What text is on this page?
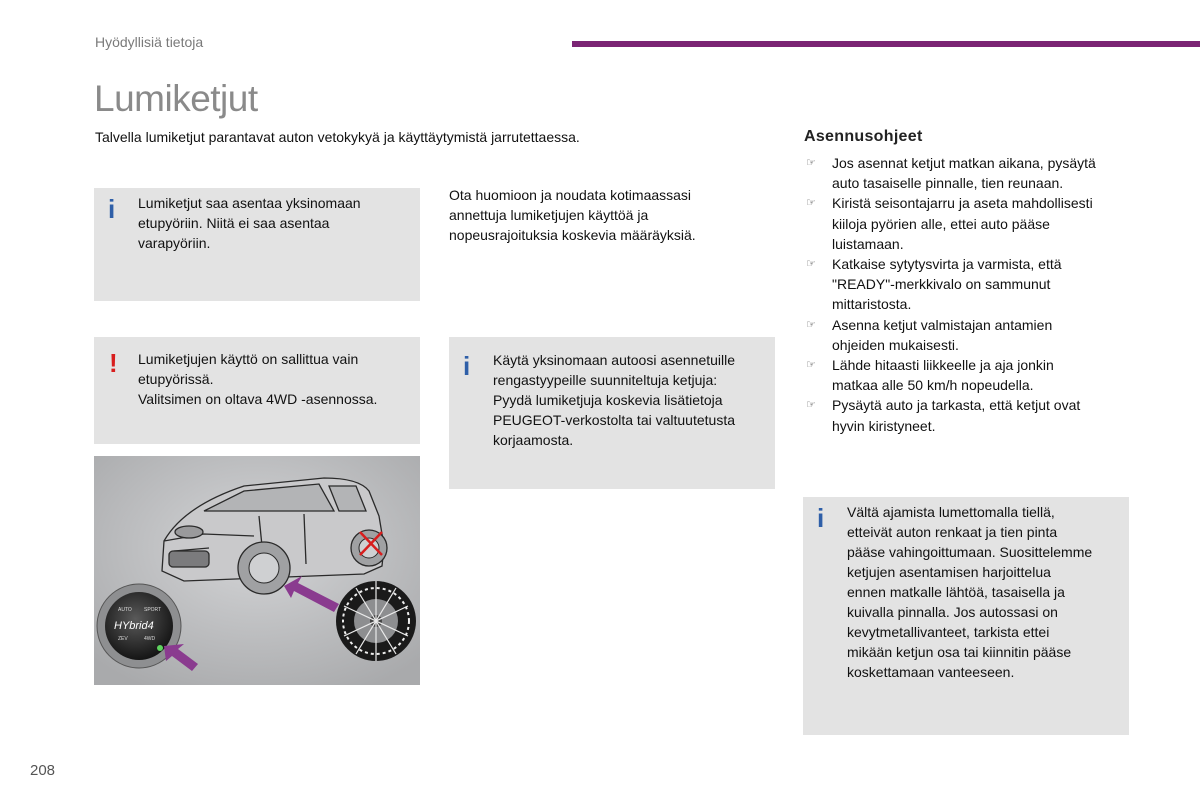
Hyödyllisiä tietoja
Lumiketjut
Talvella lumiketjut parantavat auton vetokykyä ja käyttäytymistä jarrutettaessa.
i Lumiketjut saa asentaa yksinomaan
etupyöriin. Niitä ei saa asentaa
varapyöriin.
Ota huomioon ja noudata kotimaassasi
annettuja lumiketjujen käyttöä ja
nopeusrajoituksia koskevia määräyksiä.
! Lumiketjujen käyttö on sallittua vain
etupyörissä.
Valitsimen on oltava 4WD -asennossa.
i Käytä yksinomaan autoosi asennetuille
rengastyypeille suunniteltuja ketjuja:
Pyydä lumiketjuja koskevia lisätietoja
PEUGEOT-verkostolta tai valtuutetusta
korjaamosta.
Asennusohjeet
☞ Jos asennat ketjut matkan aikana, pysäytä
auto tasaiselle pinnalle, tien reunaan.
☞ Kiristä seisontajarru ja aseta mahdollisesti
kiiloja pyörien alle, ettei auto pääse
luistamaan.
☞ Katkaise sytytysvirta ja varmista, että
"READY"-merkkivalo on sammunut
mittaristosta.
☞ Asenna ketjut valmistajan antamien
ohjeiden mukaisesti.
☞ Lähde hitaasti liikkeelle ja aja jonkin
matkaa alle 50 km/h nopeudella.
☞ Pysäytä auto ja tarkasta, että ketjut ovat
hyvin kiristyneet.
i Vältä ajamista lumettomalla tiellä,
etteivät auton renkaat ja tien pinta
pääse vahingoittumaan. Suosittelemme
ketjujen asentamisen harjoittelua
ennen matkalle lähtöä, tasaisella ja
kuivalla pinnalla. Jos autossasi on
kevytmetallivanteet, tarkista ettei
mikään ketjun osa tai kiinnitin pääse
koskettamaan vanteeseen.
AUTO SPORT
HYbrid4
ZEV	4WD
208
